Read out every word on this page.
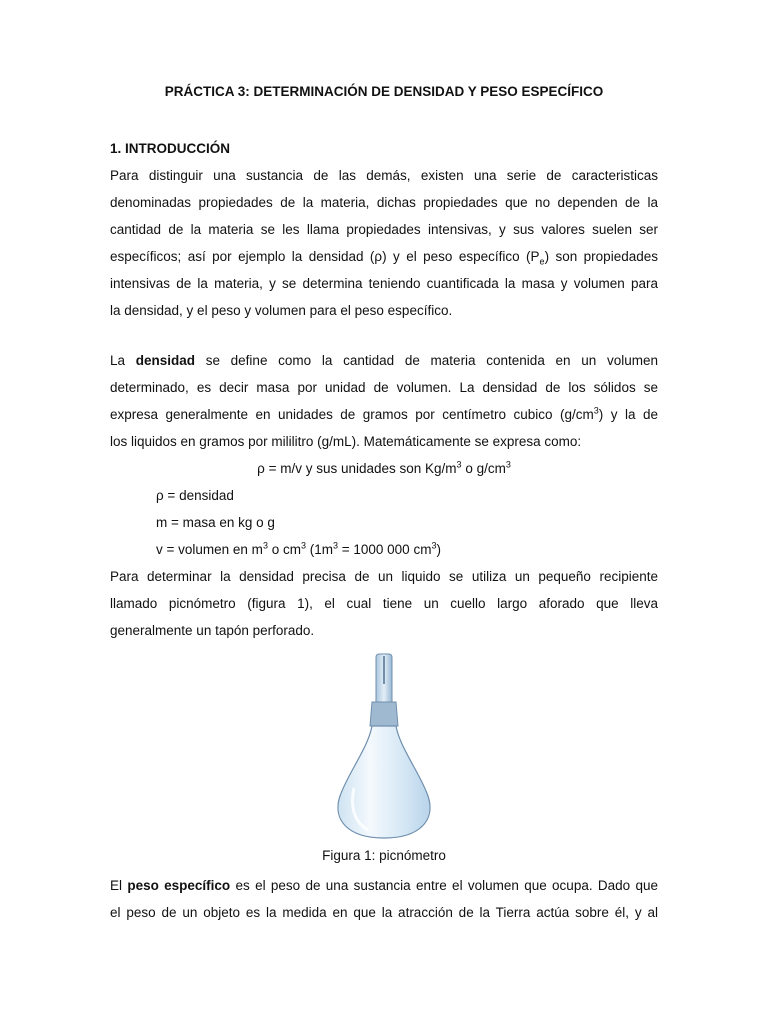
PRÁCTICA 3: DETERMINACIÓN DE DENSIDAD Y PESO ESPECÍFICO
1. INTRODUCCIÓN
Para distinguir una sustancia de las demás, existen una serie de caracteristicas
denominadas propiedades de la materia, dichas propiedades que no dependen de la
cantidad de la materia se les llama propiedades intensivas, y sus valores suelen ser
específicos; así por ejemplo la densidad (ρ) y el peso específico $(P_e)$ son propiedades
intensivas de la materia, y se determina teniendo cuantificada la masa y volumen para
la densidad, y el peso y volumen para el peso específico.
La densidad se define como la cantidad de materia contenida en un volumen
determinado, es decir masa por unidad de volumen. La densidad de los sólidos se
expresa generalmente en unidades de gramos por centímetro cubico $(g/cm^3)$ y la de
los liquidos en gramos por mililitro (g/mL). Matemáticamente se expresa como:
ρ = m/v y sus unidades son $Kg/m^3$ o $g/cm^3$
ρ = densidad
m = masa en kg o g
v = volumen en $m^3$ o $cm^3$ ($1m^3 = 1000$ 000 $cm^3$)
Para determinar la densidad precisa de un liquido se utiliza un pequeño recipiente
llamado picnómetro (figura 1), el cual tiene un cuello largo aforado que lleva
generalmente un tapón perforado.
Figura 1: picnómetro
El peso específico es el peso de una sustancia entre el volumen que ocupa. Dado que
el peso de un objeto es la medida en que la atracción de la Tierra actúa sobre él, y al
